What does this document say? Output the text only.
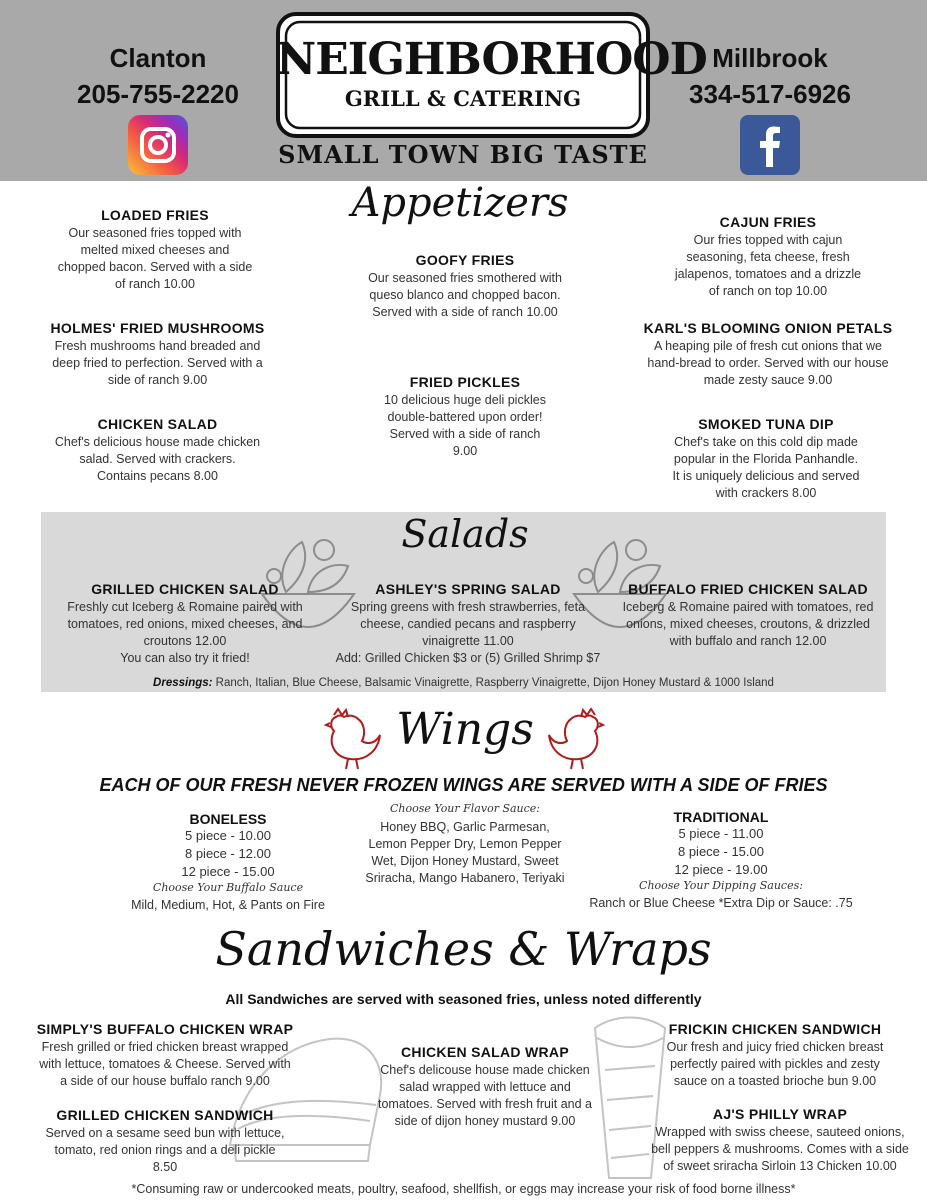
Clanton
205-755-2220
Millbrook
334-517-6926
NEIGHBORHOOD
GRILL & CATERING
SMALL TOWN BIG TASTE
Appetizers
LOADED FRIES
Our seasoned fries topped with
melted mixed cheeses and
chopped bacon. Served with a side
of ranch 10.00
GOOFY FRIES
Our seasoned fries smothered with
queso blanco and chopped bacon.
Served with a side of ranch 10.00
CAJUN FRIES
Our fries topped with cajun
seasoning, feta cheese, fresh
jalapenos, tomatoes and a drizzle
of ranch on top 10.00
HOLMES' FRIED MUSHROOMS
Fresh mushrooms hand breaded and
deep fried to perfection. Served with a
side of ranch 9.00	FRIED PICKLES
10 delicious huge deli pickles
double-battered upon order!
Served with a side of ranch
9.00
KARL'S BLOOMING ONION PETALS
A heaping pile of fresh cut onions that we
hand-bread to order. Served with our house
made zesty sauce 9.00
CHICKEN SALAD
Chef's delicious house made chicken
salad. Served with crackers.
Contains pecans 8.00
SMOKED TUNA DIP
Chef's take on this cold dip made
popular in the Florida Panhandle.
It is uniquely delicious and served
with crackers 8.00
Salads
GRILLED CHICKEN SALAD
Freshly cut Iceberg & Romaine paired with
tomatoes, red onions, mixed cheeses, and
croutons 12.00
You can also try it fried!
ASHLEY'S SPRING SALAD
Spring greens with fresh strawberries, feta
cheese, candied pecans and raspberry
vinaigrette 11.00
Add: Grilled Chicken $3 or (5) Grilled Shrimp $7
BUFFALO FRIED CHICKEN SALAD
Iceberg & Romaine paired with tomatoes, red
onions, mixed cheeses, croutons, & drizzled
with buffalo and ranch 12.00
Dressings: Ranch, Italian, Blue Cheese, Balsamic Vinaigrette, Raspberry Vinaigrette, Dijon Honey Mustard & 1000 Island
Wings
EACH OF OUR FRESH NEVER FROZEN WINGS ARE SERVED WITH A SIDE OF FRIES
BONELESS
5 piece - 10.00
8 piece - 12.00
12 piece - 15.00
Choose Your Buffalo Sauce
Mild, Medium, Hot, & Pants on Fire
Choose Your Flavor Sauce:
Honey BBQ, Garlic Parmesan,
Lemon Pepper Dry, Lemon Pepper
Wet, Dijon Honey Mustard, Sweet
Sriracha, Mango Habanero, Teriyaki
TRADITIONAL
5 piece - 11.00
8 piece - 15.00
12 piece - 19.00
Choose Your Dipping Sauces:
Ranch or Blue Cheese *Extra Dip or Sauce: .75
Sandwiches & Wraps
All Sandwiches are served with seasoned fries, unless noted differently
SIMPLY'S BUFFALO CHICKEN WRAP
Fresh grilled or fried chicken breast wrapped
with lettuce, tomatoes & Cheese. Served with
a side of our house buffalo ranch 9.00
CHICKEN SALAD WRAP
Chef's delicouse house made chicken
salad wrapped with lettuce and
tomatoes. Served with fresh fruit and a
side of dijon honey mustard 9.00
FRICKIN CHICKEN SANDWICH
Our fresh and juicy fried chicken breast
perfectly paired with pickles and zesty
sauce on a toasted brioche bun 9.00
GRILLED CHICKEN SANDWICH
Served on a sesame seed bun with lettuce,
tomato, red onion rings and a deli pickle
8.50
AJ'S PHILLY WRAP
Wrapped with swiss cheese, sauteed onions,
bell peppers & mushrooms. Comes with a side
of sweet sriracha Sirloin 13 Chicken 10.00
*Consuming raw or undercooked meats, poultry, seafood, shellfish, or eggs may increase your risk of food borne illness*
